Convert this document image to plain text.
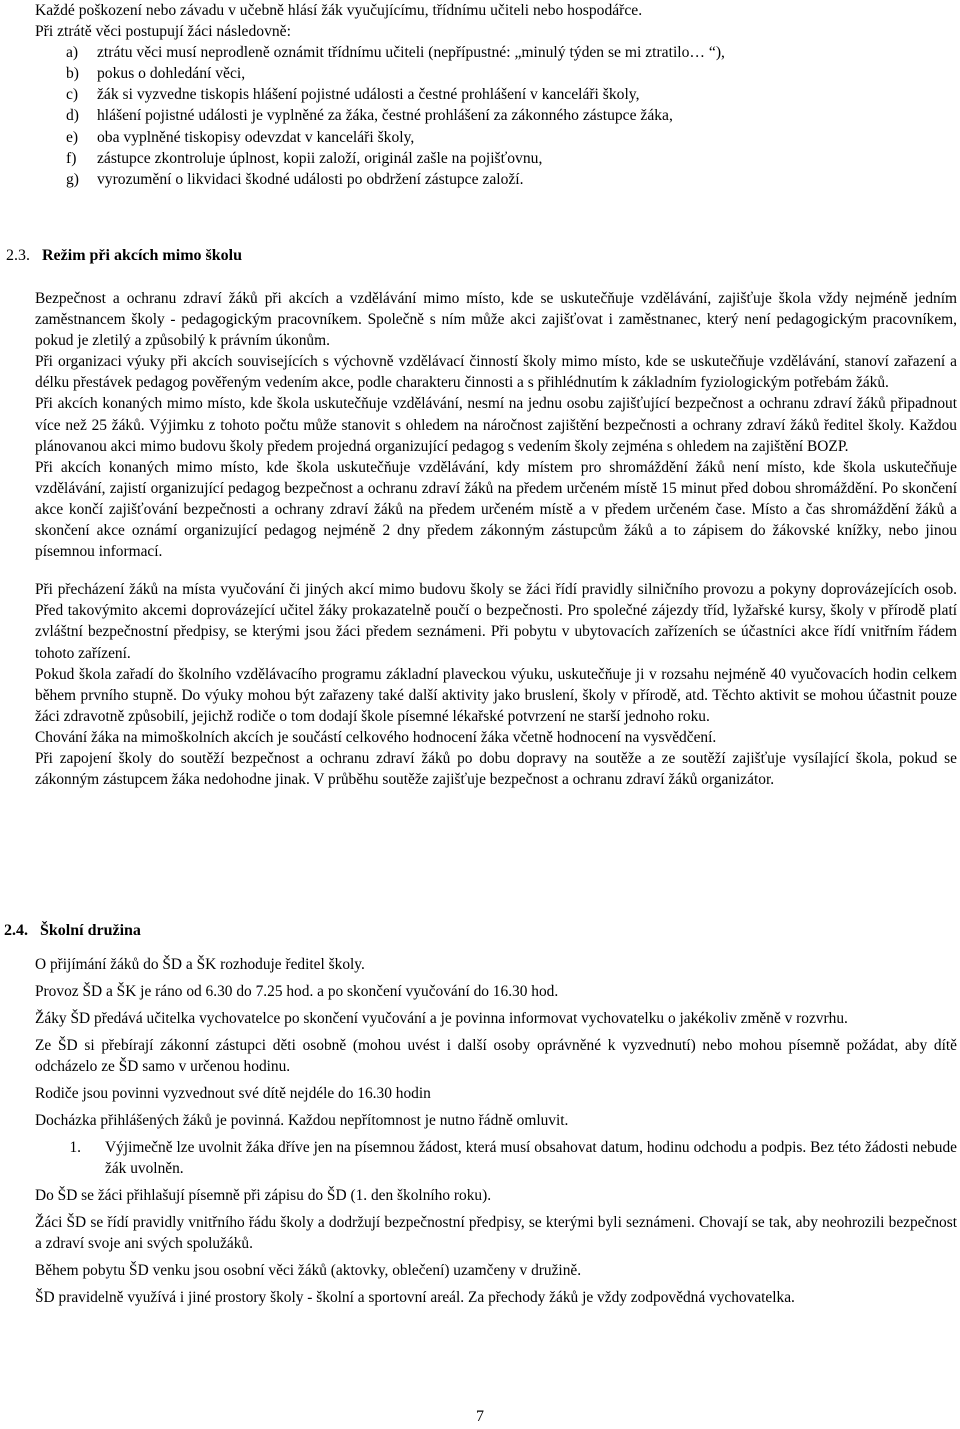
Každé poškození nebo závadu v učebně hlásí žák vyučujícímu, třídnímu učiteli nebo hospodářce.
Při ztrátě věci postupují žáci následovně:
a)	ztrátu věci musí neprodleně oznámit třídnímu učiteli (nepřípustné: „minulý týden se mi ztratilo… “),
b)	pokus o dohledání věci,
c)	žák si vyzvedne tiskopis hlášení pojistné události a čestné prohlášení v kanceláři školy,
d)	hlášení pojistné události je vyplněné za žáka, čestné prohlášení za zákonného zástupce žáka,
e)	oba vyplněné tiskopisy odevzdat v kanceláři školy,
f)	zástupce zkontroluje úplnost, kopii založí, originál zašle na pojišťovnu,
g)	vyrozumění o likvidaci škodné události po obdržení zástupce založí.
2.3. Režim při akcích mimo školu

Bezpečnost a ochranu zdraví žáků při akcích a vzdělávání mimo místo, kde se uskutečňuje vzdělávání, zajišťuje škola vždy nejméně jedním zaměstnancem školy - pedagogickým pracovníkem. Společně s ním může akci zajišťovat i zaměstnanec, který není pedagogickým pracovníkem, pokud je zletilý a způsobilý k právním úkonům.

Při organizaci výuky při akcích souvisejících s výchovně vzdělávací činností školy mimo místo, kde se uskutečňuje vzdělávání, stanoví zařazení a délku přestávek pedagog pověřeným vedením akce, podle charakteru činnosti a s přihlédnutím k základním fyziologickým potřebám žáků.

Při akcích konaných mimo místo, kde škola uskutečňuje vzdělávání, nesmí na jednu osobu zajišťující bezpečnost a ochranu zdraví žáků připadnout více než 25 žáků. Výjimku z tohoto počtu může stanovit s ohledem na náročnost zajištění bezpečnosti a ochrany zdraví žáků ředitel školy. Každou plánovanou akci mimo budovu školy předem projedná organizující pedagog s vedením školy zejména s ohledem na zajištění BOZP.

Při akcích konaných mimo místo, kde škola uskutečňuje vzdělávání, kdy místem pro shromáždění žáků není místo, kde škola uskutečňuje vzdělávání, zajistí organizující pedagog bezpečnost a ochranu zdraví žáků na předem určeném místě 15 minut před dobou shromáždění. Po skončení akce končí zajišťování bezpečnosti a ochrany zdraví žáků na předem určeném místě a v předem určeném čase. Místo a čas shromáždění žáků a skončení akce oznámí organizující pedagog nejméně 2 dny předem zákonným zástupcům žáků a to zápisem do žákovské knížky, nebo jinou písemnou informací.

Při přecházení žáků na místa vyučování či jiných akcí mimo budovu školy se žáci řídí pravidly silničního provozu a pokyny doprovázejících osob. Před takovýmito akcemi doprovázející učitel žáky prokazatelně poučí o bezpečnosti. Pro společné zájezdy tříd, lyžařské kursy, školy v přírodě platí zvláštní bezpečnostní předpisy, se kterými jsou žáci předem seznámeni. Při pobytu v ubytovacích zařízeních se účastníci akce řídí vnitřním řádem tohoto zařízení.

Pokud škola zařadí do školního vzdělávacího programu základní plaveckou výuku, uskutečňuje ji v rozsahu nejméně 40 vyučovacích hodin celkem během prvního stupně. Do výuky mohou být zařazeny také další aktivity jako bruslení, školy v přírodě, atd. Těchto aktivit se mohou účastnit pouze žáci zdravotně způsobilí, jejichž rodiče o tom dodají škole písemné lékařské potvrzení ne starší jednoho roku.

Chování žáka na mimoškolních akcích je součástí celkového hodnocení žáka včetně hodnocení na vysvědčení.

Při zapojení školy do soutěží bezpečnost a ochranu zdraví žáků po dobu dopravy na soutěže a ze soutěží zajišťuje vysílající škola, pokud se zákonným zástupcem žáka nedohodne jinak. V průběhu soutěže zajišťuje bezpečnost a ochranu zdraví žáků organizátor.

2.4. Školní družina

O přijímání žáků do ŠD a ŠK rozhoduje ředitel školy.

Provoz ŠD a ŠK je ráno od 6.30 do 7.25 hod. a po skončení vyučování do 16.30 hod.

Žáky ŠD předává učitelka vychovatelce po skončení vyučování a je povinna informovat vychovatelku o jakékoliv změně v rozvrhu.

Ze ŠD si přebírají zákonní zástupci děti osobně (mohou uvést i další osoby oprávněné k vyzvednutí) nebo mohou písemně požádat, aby dítě odcházelo ze ŠD samo v určenou hodinu.

Rodiče jsou povinni vyzvednout své dítě nejdéle do 16.30 hodin

Docházka přihlášených žáků je povinná. Každou nepřítomnost je nutno řádně omluvit.

1.	Výjimečně lze uvolnit žáka dříve jen na písemnou žádost, která musí obsahovat datum, hodinu odchodu a podpis. Bez této žádosti nebude žák uvolněn.

Do ŠD se žáci přihlašují písemně při zápisu do ŠD (1. den školního roku).

Žáci ŠD se řídí pravidly vnitřního řádu školy a dodržují bezpečnostní předpisy, se kterými byli seznámeni. Chovají se tak, aby neohrozili bezpečnost a zdraví svoje ani svých spolužáků.

Během pobytu ŠD venku jsou osobní věci žáků (aktovky, oblečení) uzamčeny v družině.

ŠD pravidelně využívá i jiné prostory školy - školní a sportovní areál. Za přechody žáků je vždy zodpovědná vychovatelka.

7
